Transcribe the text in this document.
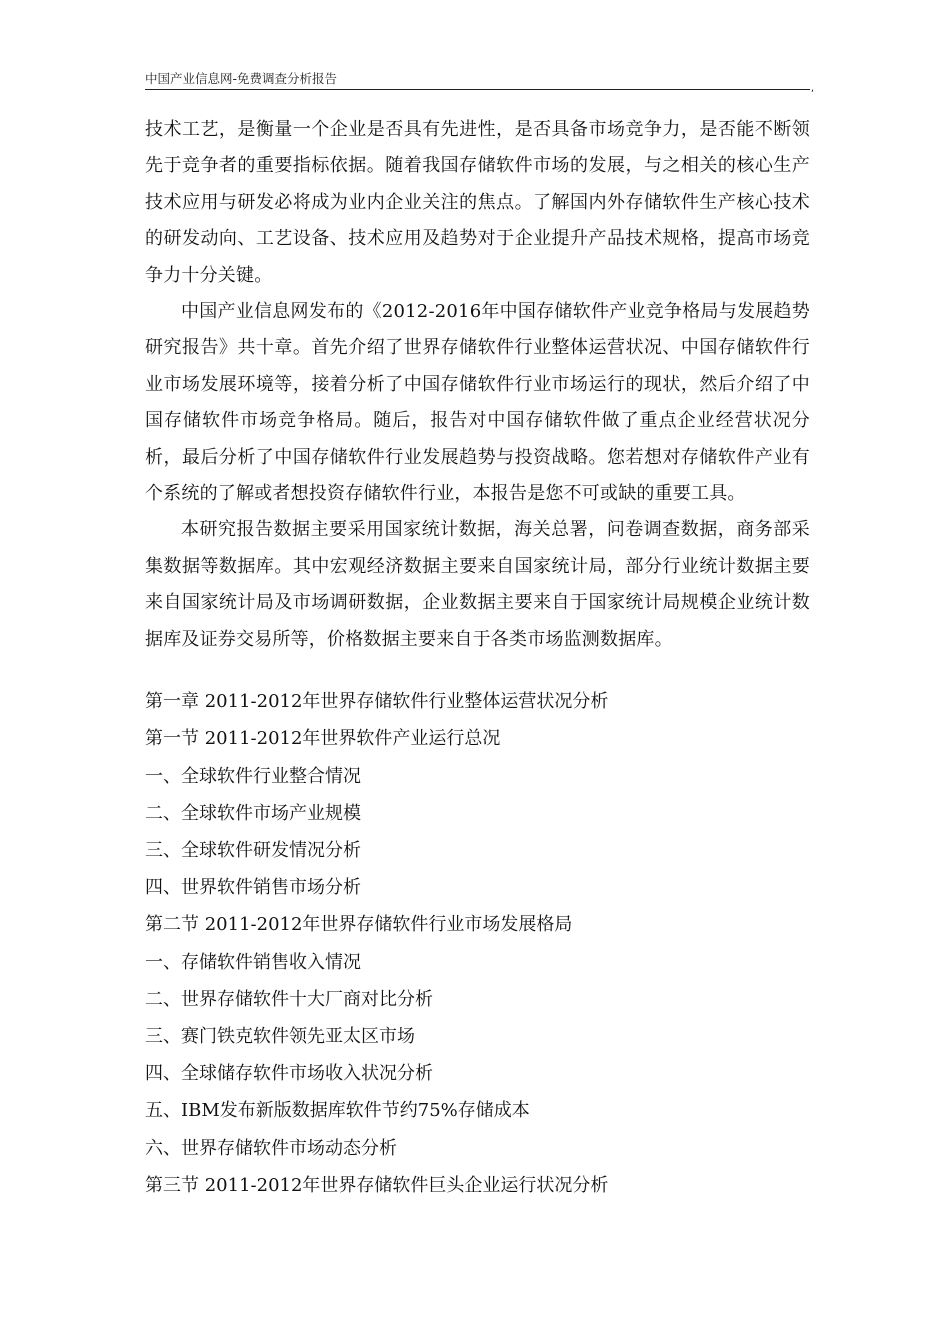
中国产业信息网-免费调查分析报告
,

技术工艺，是衡量一个企业是否具有先进性，是否具备市场竞争力，是否能不断领先于竞争者的重要指标依据。随着我国存储软件市场的发展，与之相关的核心生产技术应用与研发必将成为业内企业关注的焦点。了解国内外存储软件生产核心技术的研发动向、工艺设备、技术应用及趋势对于企业提升产品技术规格，提高市场竞争力十分关键。

中国产业信息网发布的《2012-2016年中国存储软件产业竞争格局与发展趋势研究报告》共十章。首先介绍了世界存储软件行业整体运营状况、中国存储软件行业市场发展环境等，接着分析了中国存储软件行业市场运行的现状，然后介绍了中国存储软件市场竞争格局。随后，报告对中国存储软件做了重点企业经营状况分析，最后分析了中国存储软件行业发展趋势与投资战略。您若想对存储软件产业有个系统的了解或者想投资存储软件行业，本报告是您不可或缺的重要工具。

本研究报告数据主要采用国家统计数据，海关总署，问卷调查数据，商务部采集数据等数据库。其中宏观经济数据主要来自国家统计局，部分行业统计数据主要来自国家统计局及市场调研数据，企业数据主要来自于国家统计局规模企业统计数据库及证券交易所等，价格数据主要来自于各类市场监测数据库。

第一章 2011-2012年世界存储软件行业整体运营状况分析

第一节 2011-2012年世界软件产业运行总况

一、全球软件行业整合情况

二、全球软件市场产业规模

三、全球软件研发情况分析

四、世界软件销售市场分析

第二节 2011-2012年世界存储软件行业市场发展格局

一、存储软件销售收入情况

二、世界存储软件十大厂商对比分析

三、赛门铁克软件领先亚太区市场

四、全球储存软件市场收入状况分析

五、IBM发布新版数据库软件节约75%存储成本

六、世界存储软件市场动态分析

第三节 2011-2012年世界存储软件巨头企业运行状况分析
